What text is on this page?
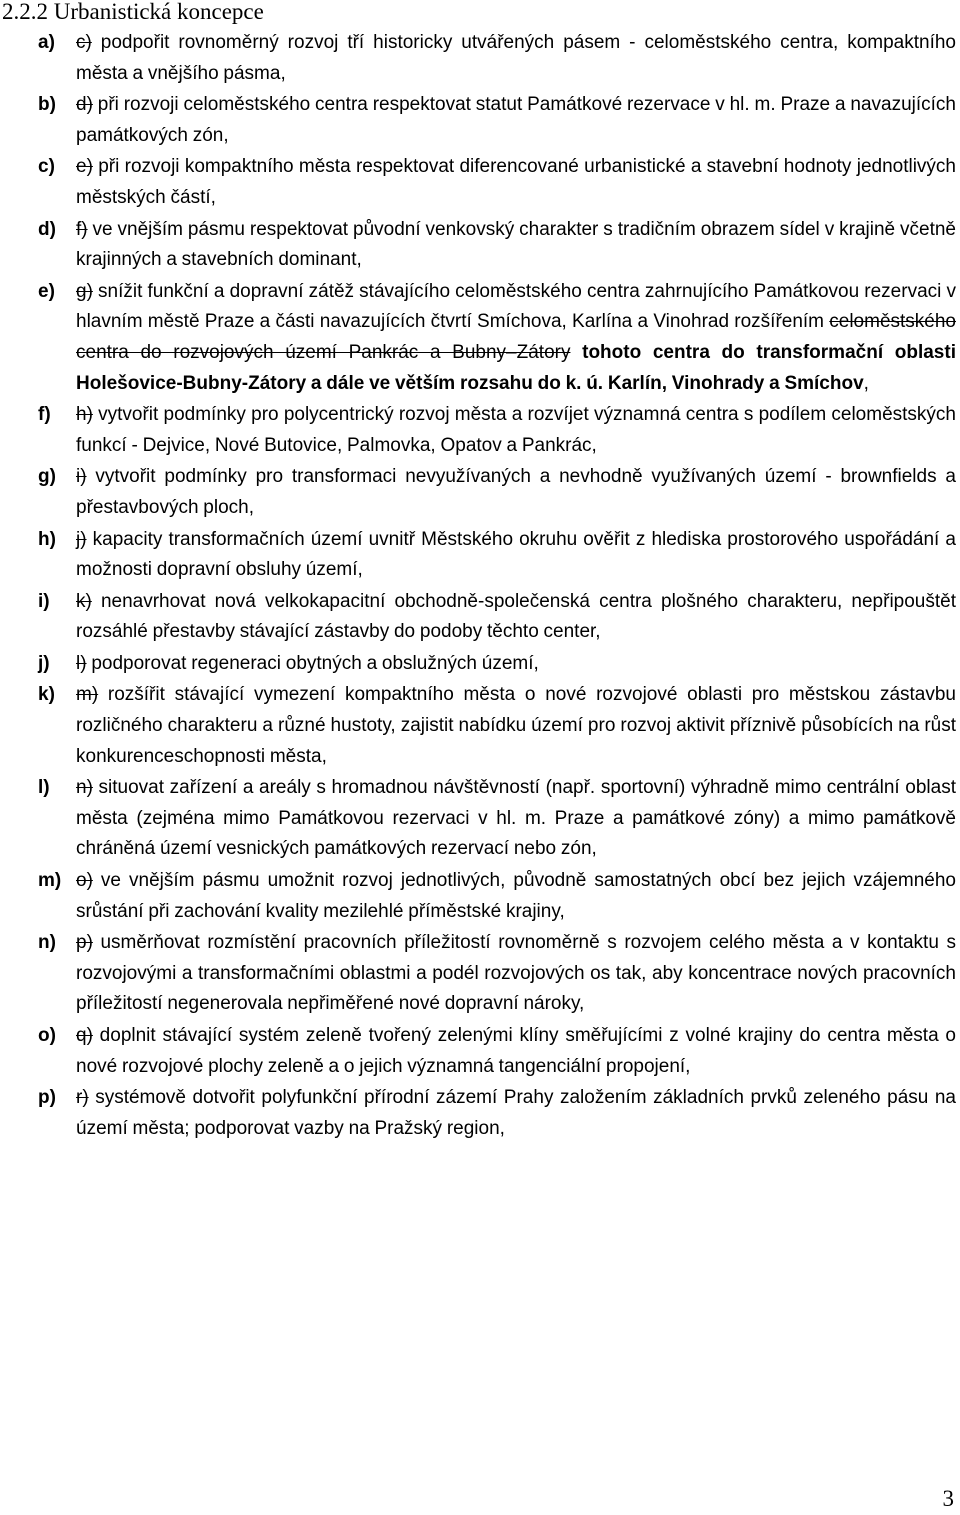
2.2.2 Urbanistická koncepce
a)	c) podpořit rovnoměrný rozvoj tří historicky utvářených pásem - celoměstského centra, kompaktního města a vnějšího pásma,
b)	d) při rozvoji celoměstského centra respektovat statut Památkové rezervace v hl. m. Praze a navazujících památkových zón,
c)	e) při rozvoji kompaktního města respektovat diferencované urbanistické a stavební hodnoty jednotlivých městských částí,
d)	f) ve vnějším pásmu respektovat původní venkovský charakter s tradičním obrazem sídel v krajině včetně krajinných a stavebních dominant,
e)	g) snížit funkční a dopravní zátěž stávajícího celoměstského centra zahrnujícího Památkovou rezervaci v hlavním městě Praze a části navazujících čtvrtí Smíchova, Karlína a Vinohrad rozšířením celoměstského centra do rozvojových území Pankrác a Bubny–Zátory tohoto centra do transformační oblasti Holešovice-Bubny-Zátory a dále ve větším rozsahu do k. ú. Karlín, Vinohrady a Smíchov,
f)	h) vytvořit podmínky pro polycentrický rozvoj města a rozvíjet významná centra s podílem celoměstských funkcí - Dejvice, Nové Butovice, Palmovka, Opatov a Pankrác,
g)	i) vytvořit podmínky pro transformaci nevyužívaných a nevhodně využívaných území - brownfields a přestavbových ploch,
h)	j) kapacity transformačních území uvnitř Městského okruhu ověřit z hlediska prostorového uspořádání a možnosti dopravní obsluhy území,
i)	k) nenavrhovat nová velkokapacitní obchodně-společenská centra plošného charakteru, nepřipouštět rozsáhlé přestavby stávající zástavby do podoby těchto center,
j)	l) podporovat regeneraci obytných a obslužných území,
k)	m) rozšířit stávající vymezení kompaktního města o nové rozvojové oblasti pro městskou zástavbu rozličného charakteru a různé hustoty, zajistit nabídku území pro rozvoj aktivit příznivě působících na růst konkurenceschopnosti města,
l)	n) situovat zařízení a areály s hromadnou návštěvností (např. sportovní) výhradně mimo centrální oblast města (zejména mimo Památkovou rezervaci v hl. m. Praze a památkové zóny) a mimo památkově chráněná území vesnických památkových rezervací nebo zón,
m) o) ve vnějším pásmu umožnit rozvoj jednotlivých, původně samostatných obcí bez jejich vzájemného srůstání při zachování kvality mezilehlé příměstské krajiny,
n)	p) usměrňovat rozmístění pracovních příležitostí rovnoměrně s rozvojem celého města a v kontaktu s rozvojovými a transformačními oblastmi a podél rozvojových os tak, aby koncentrace nových pracovních příležitostí negenerovala nepřiměřené nové dopravní nároky,
o)	q) doplnit stávající systém zeleně tvořený zelenými klíny směřujícími z volné krajiny do centra města o nové rozvojové plochy zeleně a o jejich významná tangenciální propojení,
p)	r) systémově dotvořit polyfunkční přírodní zázemí Prahy založením základních prvků zeleného pásu na území města; podporovat vazby na Pražský region,
3
